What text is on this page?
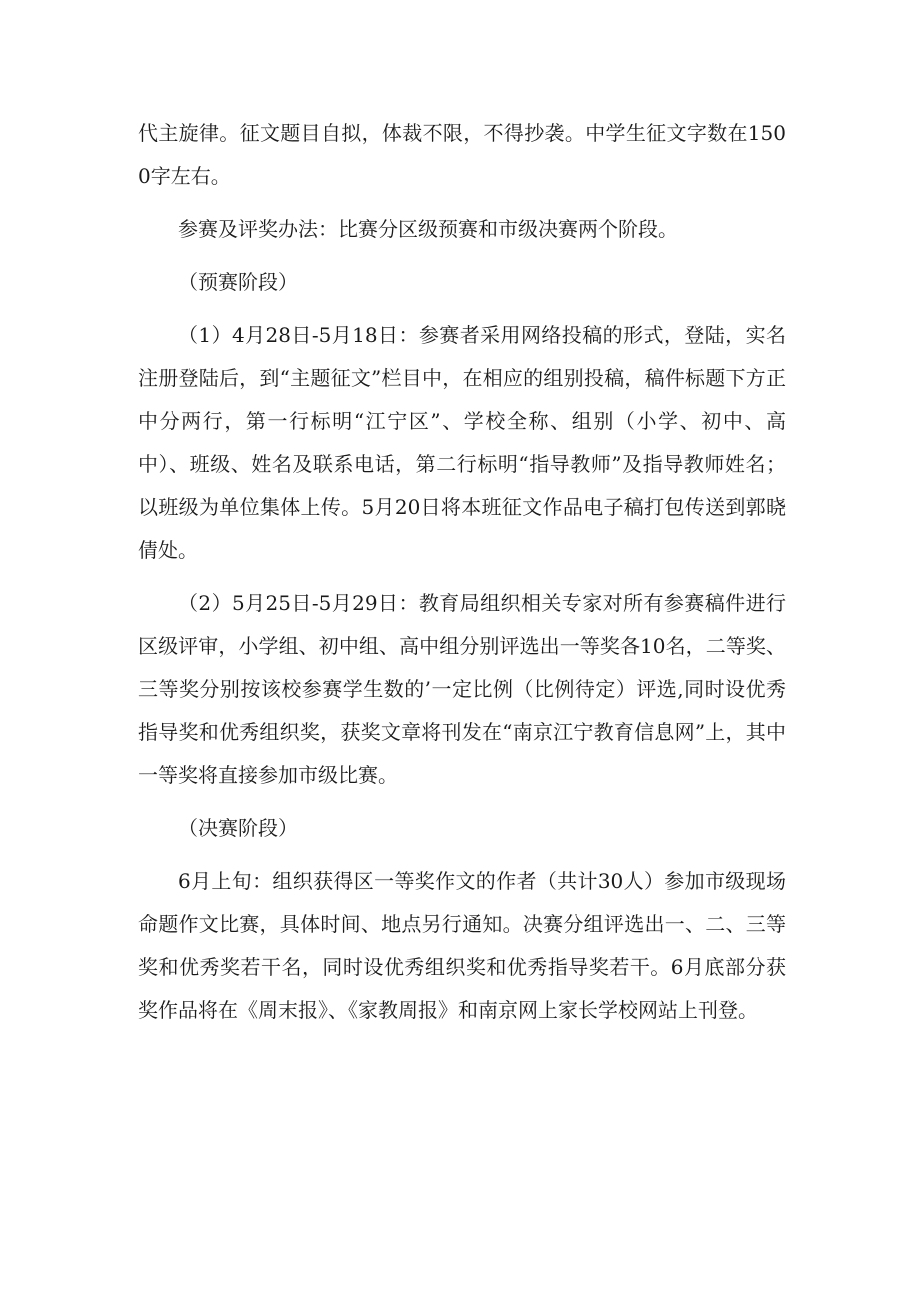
代主旋律。征文题目自拟，体裁不限，不得抄袭。中学生征文字数在1500字左右。

参赛及评奖办法：比赛分区级预赛和市级决赛两个阶段。

（预赛阶段）

（1）4月28日-5月18日：参赛者采用网络投稿的形式，登陆，实名注册登陆后，到“主题征文”栏目中，在相应的组别投稿，稿件标题下方正中分两行，第一行标明“江宁区”、学校全称、组别（小学、初中、高中）、班级、姓名及联系电话，第二行标明“指导教师”及指导教师姓名；以班级为单位集体上传。5月20日将本班征文作品电子稿打包传送到郭晓倩处。

（2）5月25日-5月29日：教育局组织相关专家对所有参赛稿件进行区级评审，小学组、初中组、高中组分别评选出一等奖各10名，二等奖、三等奖分别按该校参赛学生数的’一定比例（比例待定）评选,同时设优秀指导奖和优秀组织奖，获奖文章将刊发在“南京江宁教育信息网”上，其中一等奖将直接参加市级比赛。

（决赛阶段）

6月上旬：组织获得区一等奖作文的作者（共计30人）参加市级现场命题作文比赛，具体时间、地点另行通知。决赛分组评选出一、二、三等奖和优秀奖若干名，同时设优秀组织奖和优秀指导奖若干。6月底部分获奖作品将在《周末报》、《家教周报》和南京网上家长学校网站上刊登。
